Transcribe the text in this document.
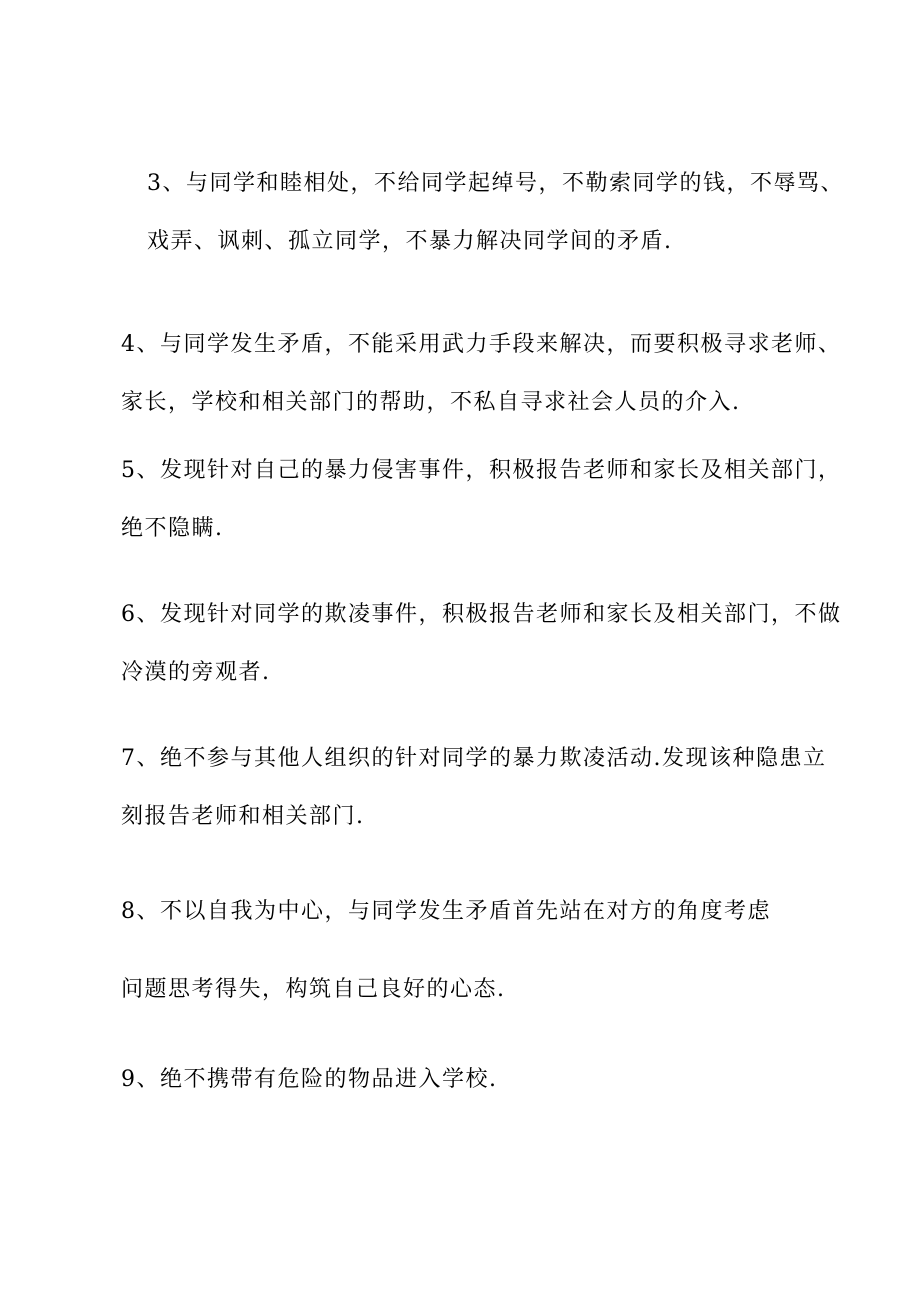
3、与同学和睦相处，不给同学起绰号，不勒索同学的钱，不辱骂、
戏弄、讽刺、孤立同学，不暴力解决同学间的矛盾.

4、与同学发生矛盾，不能采用武力手段来解决，而要积极寻求老师、
家长，学校和相关部门的帮助，不私自寻求社会人员的介入.

5、发现针对自己的暴力侵害事件，积极报告老师和家长及相关部门，
绝不隐瞒.

6、发现针对同学的欺凌事件，积极报告老师和家长及相关部门，不做
冷漠的旁观者.

7、绝不参与其他人组织的针对同学的暴力欺凌活动.发现该种隐患立
刻报告老师和相关部门.

8、不以自我为中心，与同学发生矛盾首先站在对方的角度考虑

问题思考得失，构筑自己良好的心态.

9、绝不携带有危险的物品进入学校.
